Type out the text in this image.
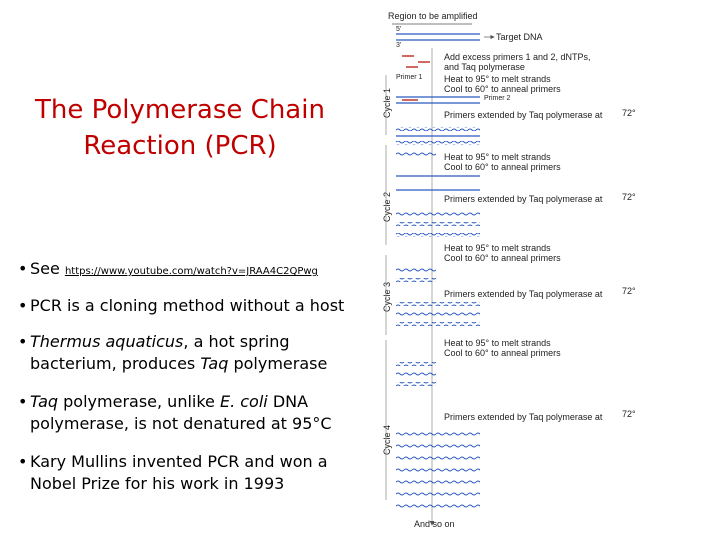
The Polymerase Chain
Reaction (PCR)
• See https://www.youtube.com/watch?v=JRAA4C2QPwg
• PCR is a cloning method without a host
• Thermus aquaticus, a hot spring
bacterium, produces Taq polymerase
• Taq polymerase, unlike E. coli DNA
polymerase, is not denatured at 95°C
• Kary Mullins invented PCR and won a
Nobel Prize for his work in 1993
Region to be amplified
5'
3'
Target DNA
Add excess primers 1 and 2, dNTPs,
and Taq polymerase
Cycle 1
Primer 1 Heat to 95° to melt strands
Cool to 60° to anneal primers
Primer 2
Primers extended by Taq polymerase at 72°
Cycle 2
Heat to 95° to melt strands
Cool to 60° to anneal primers
Primers extended by Taq polymerase at 72°
Cycle 3
Heat to 95° to melt strands
Cool to 60° to anneal primers
Primers extended by Taq polymerase at 72°
Cycle 4
Heat to 95° to melt strands
Cool to 60° to anneal primers
Primers extended by Taq polymerase at 72°
And so on
